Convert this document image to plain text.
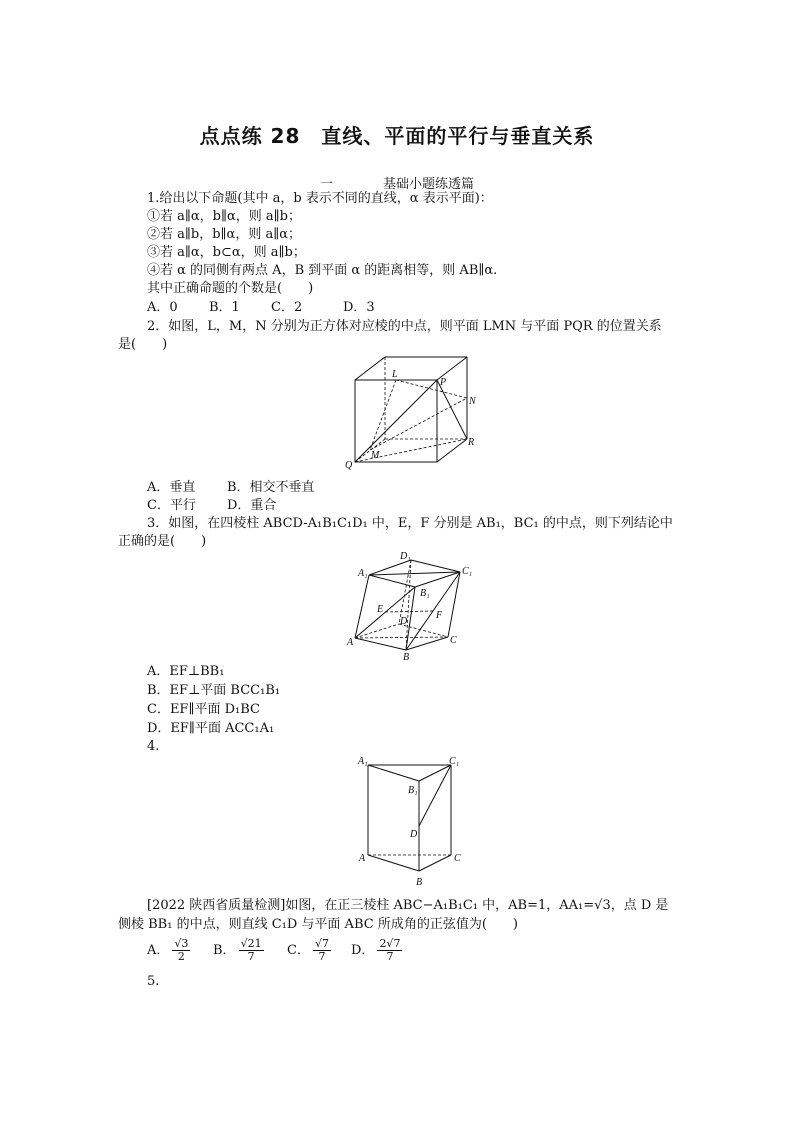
点点练 28　直线、平面的平行与垂直关系
一	基础小题练透篇
1.给出以下命题(其中 a，b 表示不同的直线，α 表示平面)：
①若 a∥α，b∥α，则 a∥b；
②若 a∥b，b∥α，则 a∥α；
③若 a∥α，b⊂α，则 a∥b；
④若 α 的同侧有两点 A，B 到平面 α 的距离相等，则 AB∥α.
其中正确命题的个数是(　　)
A．0 B．1 C．2	D．3
2．如图，L，M，N 分别为正方体对应棱的中点，则平面 LMN 与平面 PQR 的位置关系
是(　　)
L
P
N
R
Q
M
A．垂直 B．相交不垂直
C．平行 D．重合
3．如图，在四棱柱 ABCD-A₁B₁C₁D₁ 中，E，F 分别是 AB₁，BC₁ 的中点，则下列结论中
正确的是(　　)
D₁
A₁	C₁
B₁
E
D
F
A	C
B
A．EF⊥BB₁
B．EF⊥平面 BCC₁B₁
C．EF∥平面 D₁BC
D．EF∥平面 ACC₁A₁
4.
A₁	C₁
B₁
D
A	C
B
[2022 陕西省质量检测]如图，在正三棱柱 ABC−A₁B₁C₁ 中，AB=1，AA₁=√3，点 D 是
侧棱 BB₁ 的中点，则直线 C₁D 与平面 ABC 所成角的正弦值为(　　)
A． $\frac{√3}{2}$ B． $\frac{√21}{7}$ C． $\frac{√7}{7}$ D． $\frac{2√7}{7}$
5.
